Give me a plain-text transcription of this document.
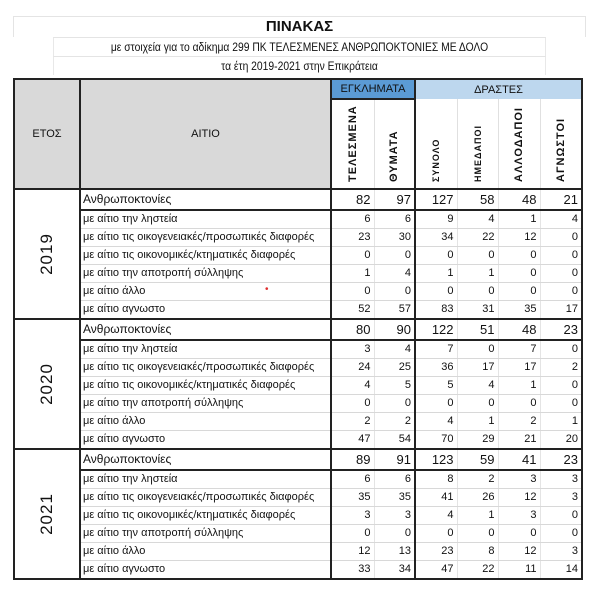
ΠΙΝΑΚΑΣ
με στοιχεία για το αδίκημα 299 ΠΚ ΤΕΛΕΣΜΕΝΕΣ ΑΝΘΡΩΠΟΚΤΟΝΙΕΣ ΜΕ ΔΟΛΟ
τα έτη 2019-2021 στην Επικράτεια
ΕΤΟΣ	ΑΙΤΙΟ	ΕΓΚΛΗΜΑΤΑ		ΔΡΑΣΤΕΣ			

		ΤΕΛΕΣΜΕΝΑ	ΘΥΜΑΤΑ	ΣΥΝΟΛΟ	ΗΜΕΔΑΠΟΙ	ΑΛΛΟΔΑΠΟΙ	ΑΓΝΩΣΤΟΙ

2019	Ανθρωποκτονίες	82	97	127	58	48	21
	με αίτιο την ληστεία	6	6	9	4	1	4
	με αίτιο τις οικογενειακές/προσωπικές διαφορές	23	30	34	22	12	0
	με αίτιο τις οικονομικές/κτηματικές διαφορές	0	0	0	0	0	0
	με αίτιο την αποτροπή σύλληψης	1	4	1	1	0	0
	με αίτιο άλλο	0	0	0	0	0	0
	με αίτιο αγνωστο	52	57	83	31	35	17
2020	Ανθρωποκτονίες	80	90	122	51	48	23
	με αίτιο την ληστεία	3	4	7	0	7	0
	με αίτιο τις οικογενειακές/προσωπικές διαφορές	24	25	36	17	17	2
	με αίτιο τις οικονομικές/κτηματικές διαφορές	4	5	5	4	1	0
	με αίτιο την αποτροπή σύλληψης	0	0	0	0	0	0
	με αίτιο άλλο	2	2	4	1	2	1
	με αίτιο αγνωστο	47	54	70	29	21	20
2021	Ανθρωποκτονίες	89	91	123	59	41	23
	με αίτιο την ληστεία	6	6	8	2	3	3
	με αίτιο τις οικογενειακές/προσωπικές διαφορές	35	35	41	26	12	3
	με αίτιο τις οικονομικές/κτηματικές διαφορές	3	3	4	1	3	0
	με αίτιο την αποτροπή σύλληψης	0	0	0	0	0	0
	με αίτιο άλλο	12	13	23	8	12	3
	με αίτιο αγνωστο	33	34	47	22	11	14
•
